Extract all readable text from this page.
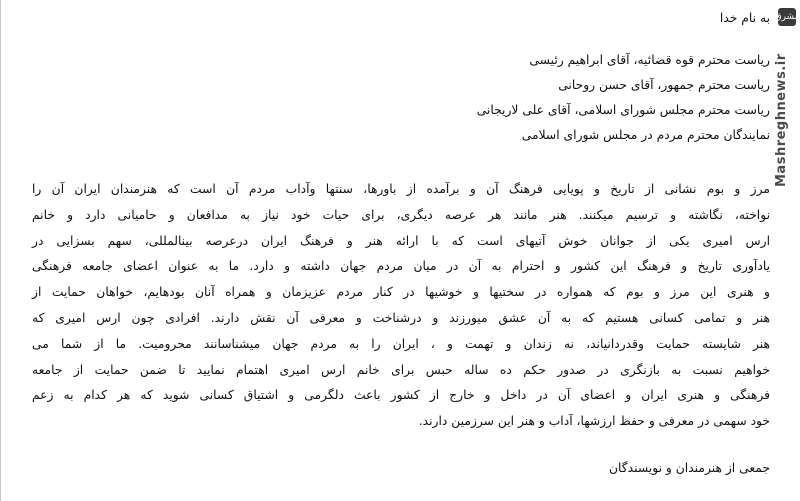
به نام خدا
ریاست محترم قوه قضائیه، آقای ابراهیم رئیسی
ریاست محترم جمهور، آقای حسن روحانی
ریاست محترم مجلس شورای اسلامی، آقای علی لاریجانی
نمایندگان محترم مردم در مجلس شورای اسلامی
مرز و بوم نشانی از تاریخ و پویایی فرهنگ آن و برآمده از باورها، سنتها وآداب مردم آن است که هنرمندان ایران آن را
نواخته، نگاشته و ترسیم میکنند. هنر مانند هر عرصه دیگری، برای حیات خود نیاز به مدافعان و حامیانی دارد و خانم
ارس امیری یکی از جوانان خوش آتیهای است که با ارائه هنر و فرهنگ ایران درعرصه بینالمللی، سهم بسزایی در
یادآوری تاریخ و فرهنگ این کشور و احترام به آن در میان مردم جهان داشته و دارد. ما به عنوان اعضای جامعه فرهنگی
و هنری این مرز و بوم که همواره در سختیها و خوشیها در کنار مردم عزیزمان و همراه آنان بودهایم، خواهان حمایت از
هنر و تمامی کسانی هستیم که به آن عشق میورزند و درشناخت و معرفی آن نقش دارند. افرادی چون ارس امیری که
هنر شایسته حمایت وقدردانیاند، نه زندان و تهمت و ، ایران را به مردم جهان میشناسانند محرومیت. ما از شما می
خواهیم نسبت به بازنگری در صدور حکم ده ساله حبس برای خانم ارس امیری اهتمام نمایید تا ضمن حمایت از جامعه
فرهنگی و هنری ایران و اعضای آن در داخل و خارج از کشور باعث دلگرمی و اشتیاق کسانی شوید که هر کدام به زعم
خود سهمی در معرفی و حفظ ارزشها، آداب و هنر این سرزمین دارند.
جمعی از هنرمندان و نویسندگان
مشرق
Mashreghnews.ir
